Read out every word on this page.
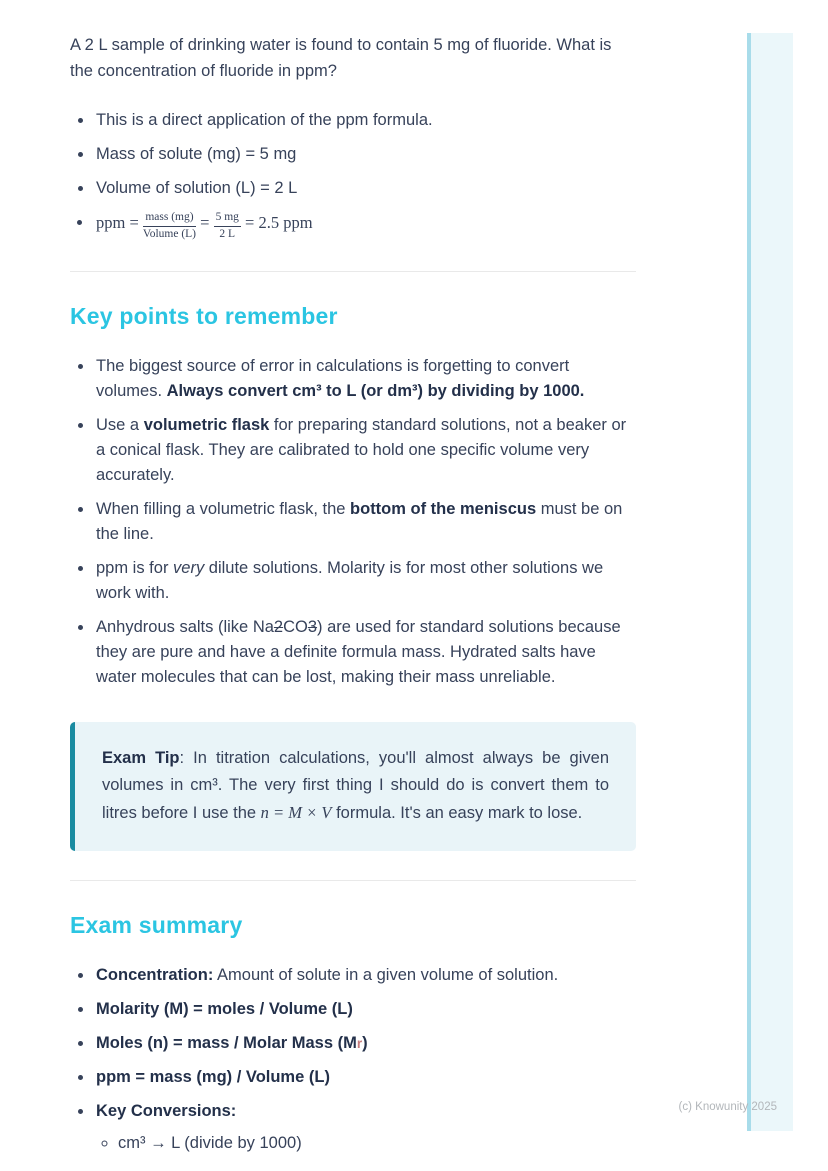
A 2 L sample of drinking water is found to contain 5 mg of fluoride. What is the concentration of fluoride in ppm?

• This is a direct application of the ppm formula.
• Mass of solute (mg) = 5 mg
• Volume of solution (L) = 2 L
• ppm = $\frac{\text{mass (mg)}}{\text{Volume (L)}} = \frac{5 mg}{2 L} = 2.5$ ppm
Key points to remember
• The biggest source of error in calculations is forgetting to convert volumes. Always convert cm³ to L (or dm³) by dividing by 1000.
• Use a volumetric flask for preparing standard solutions, not a beaker or a conical flask. They are calibrated to hold one specific volume very accurately.
• When filling a volumetric flask, the bottom of the meniscus must be on the line.
• ppm is for very dilute solutions. Molarity is for most other solutions we work with.
• Anhydrous salts (like Na2CO3) are used for standard solutions because they are pure and have a definite formula mass. Hydrated salts have water molecules that can be lost, making their mass unreliable.
Exam Tip: In titration calculations, you'll almost always be given volumes in cm³. The very first thing I should do is convert them to litres before I use the n = M × V formula. It's an easy mark to lose.
Exam summary
• Concentration: Amount of solute in a given volume of solution.
• Molarity (M) = moles / Volume (L)
• Moles (n) = mass / Molar Mass (Mr)
• ppm = mass (mg) / Volume (L)
• Key Conversions:
◦ cm³ → L (divide by 1000)
(c) Knowunity 2025
